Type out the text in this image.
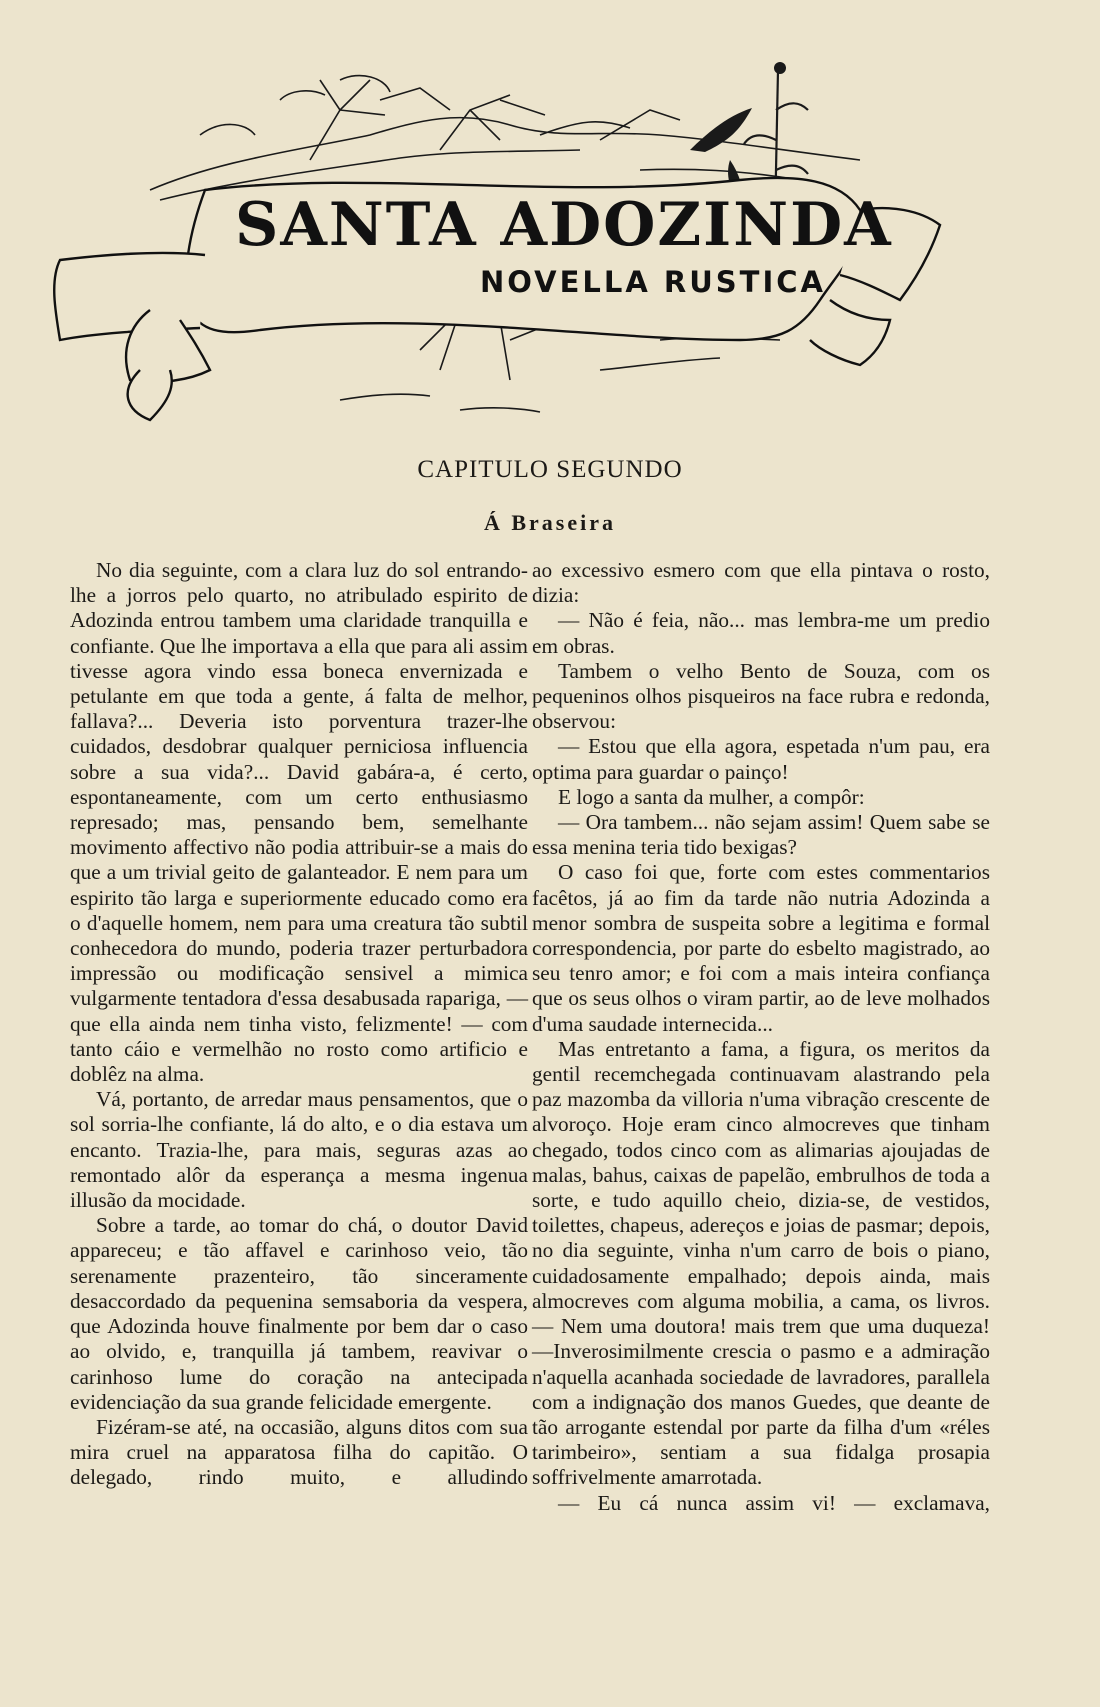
SANTA ADOZINDA
NOVELLA RUSTICA
CAPITULO SEGUNDO
Á Braseira

No dia seguinte, com a clara luz do sol entrando-lhe a jorros pelo quarto, no atribulado espirito de Adozinda entrou tambem uma claridade tranquilla e confiante. Que lhe importava a ella que para ali assim tivesse agora vindo essa boneca envernizada e petulante em que toda a gente, á falta de melhor, fallava?... Deveria isto porventura trazer-lhe cuidados, desdobrar qualquer perniciosa influencia sobre a sua vida?... David gabára-a, é certo, espontaneamente, com um certo enthusiasmo represado; mas, pensando bem, semelhante movimento affectivo não podia attribuir-se a mais do que a um trivial geito de galanteador. E nem para um espirito tão larga e superiormente educado como era o d'aquelle homem, nem para uma creatura tão subtil conhecedora do mundo, poderia trazer perturbadora impressão ou modificação sensivel a mimica vulgarmente tentadora d'essa desabusada rapariga, — que ella ainda nem tinha visto, felizmente! — com tanto cáio e vermelhão no rosto como artificio e doblêz na alma.

Vá, portanto, de arredar maus pensamentos, que o sol sorria-lhe confiante, lá do alto, e o dia estava um encanto. Trazia-lhe, para mais, seguras azas ao remontado alôr da esperança a mesma ingenua illusão da mocidade.

Sobre a tarde, ao tomar do chá, o doutor David appareceu; e tão affavel e carinhoso veio, tão serenamente prazenteiro, tão sinceramente desaccordado da pequenina semsaboria da vespera, que Adozinda houve finalmente por bem dar o caso ao olvido, e, tranquilla já tambem, reavivar o carinhoso lume do coração na antecipada evidenciação da sua grande felicidade emergente.

Fizéram-se até, na occasião, alguns ditos com sua mira cruel na apparatosa filha do capitão. O delegado, rindo muito, e alludindo

ao excessivo esmero com que ella pintava o rosto, dizia:

— Não é feia, não... mas lembra-me um predio em obras.

Tambem o velho Bento de Souza, com os pequeninos olhos pisqueiros na face rubra e redonda, observou:

— Estou que ella agora, espetada n'um pau, era optima para guardar o painço!

E logo a santa da mulher, a compôr:

— Ora tambem... não sejam assim! Quem sabe se essa menina teria tido bexigas?

O caso foi que, forte com estes commentarios facêtos, já ao fim da tarde não nutria Adozinda a menor sombra de suspeita sobre a legitima e formal correspondencia, por parte do esbelto magistrado, ao seu tenro amor; e foi com a mais inteira confiança que os seus olhos o viram partir, ao de leve molhados d'uma saudade internecida...

Mas entretanto a fama, a figura, os meritos da gentil recemchegada continuavam alastrando pela paz mazomba da villoria n'uma vibração crescente de alvoroço. Hoje eram cinco almocreves que tinham chegado, todos cinco com as alimarias ajoujadas de malas, bahus, caixas de papelão, embrulhos de toda a sorte, e tudo aquillo cheio, dizia-se, de vestidos, toilettes, chapeus, adereços e joias de pasmar; depois, no dia seguinte, vinha n'um carro de bois o piano, cuidadosamente empalhado; depois ainda, mais almocreves com alguma mobilia, a cama, os livros. — Nem uma doutora! mais trem que uma duqueza! —Inverosimilmente crescia o pasmo e a admiração n'aquella acanhada sociedade de lavradores, parallela com a indignação dos manos Guedes, que deante de tão arrogante estendal por parte da filha d'um «réles tarimbeiro», sentiam a sua fidalga prosapia soffrivelmente amarrotada.

— Eu cá nunca assim vi! — exclamava,
